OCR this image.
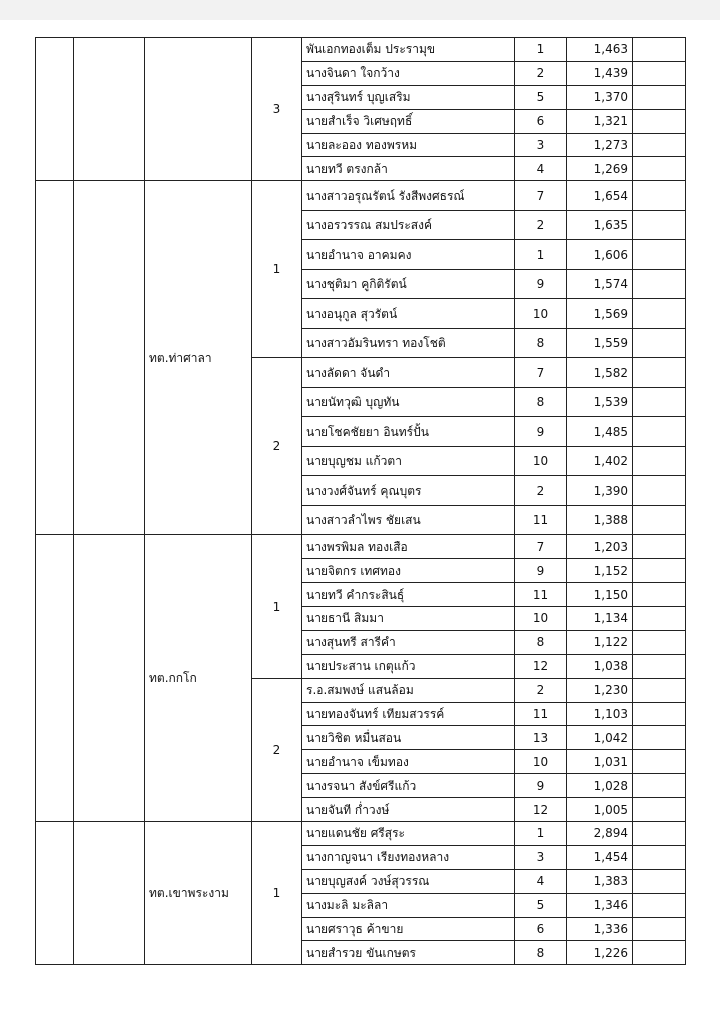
			3	พันเอกทองเต็ม ประรามุข	1	1,463	
				นางจินดา ใจกว้าง	2	1,439	
				นางสุรินทร์ บุญเสริม	5	1,370	
				นายสำเร็จ วิเศษฤทธิ์	6	1,321	
				นายละออง ทองพรหม	3	1,273	
				นายทวี ตรงกล้า	4	1,269	
		ทต.ท่าศาลา	1	นางสาวอรุณรัตน์ รังสีพงศธรณ์	7	1,654	
				นางอรวรรณ สมประสงค์	2	1,635	
				นายอำนาจ อาคมคง	1	1,606	
				นางชุติมา คูกิติรัตน์	9	1,574	
				นางอนุกูล สุวรัตน์	10	1,569	
				นางสาวอัมรินทรา ทองโชติ	8	1,559	
			2	นางลัดดา จันดำ	7	1,582	
				นายนัทวุฒิ บุญทัน	8	1,539	
				นายโชคชัยยา อินทร์ปั้น	9	1,485	
				นายบุญชม แก้วตา	10	1,402	
				นางวงศ์จันทร์ คุณบุตร	2	1,390	
				นางสาวลำไพร ชัยเสน	11	1,388	
		ทต.กกโก	1	นางพรพิมล ทองเสือ	7	1,203	
				นายจิตกร เทศทอง	9	1,152	
				นายทวี คำกระสินธุ์	11	1,150	
				นายธานี สิมมา	10	1,134	
				นางสุนทรี สารีคำ	8	1,122	
				นายประสาน เกตุแก้ว	12	1,038	
			2	ร.อ.สมพงษ์ แสนล้อม	2	1,230	
				นายทองจันทร์ เทียมสวรรค์	11	1,103	
				นายวิชิต หมื่นสอน	13	1,042	
				นายอำนาจ เข็มทอง	10	1,031	
				นางรจนา สังข์ศรีแก้ว	9	1,028	
				นายจันที ก่ำวงษ์	12	1,005	
		ทต.เขาพระงาม	1	นายแดนชัย ศรีสุระ	1	2,894	
				นางกาญจนา เรียงทองหลาง	3	1,454	
				นายบุญสงค์ วงษ์สุวรรณ	4	1,383	
				นางมะลิ มะลิลา	5	1,346	
				นายศราวุธ ค้าขาย	6	1,336	
				นายสำรวย ขันเกษตร	8	1,226	
